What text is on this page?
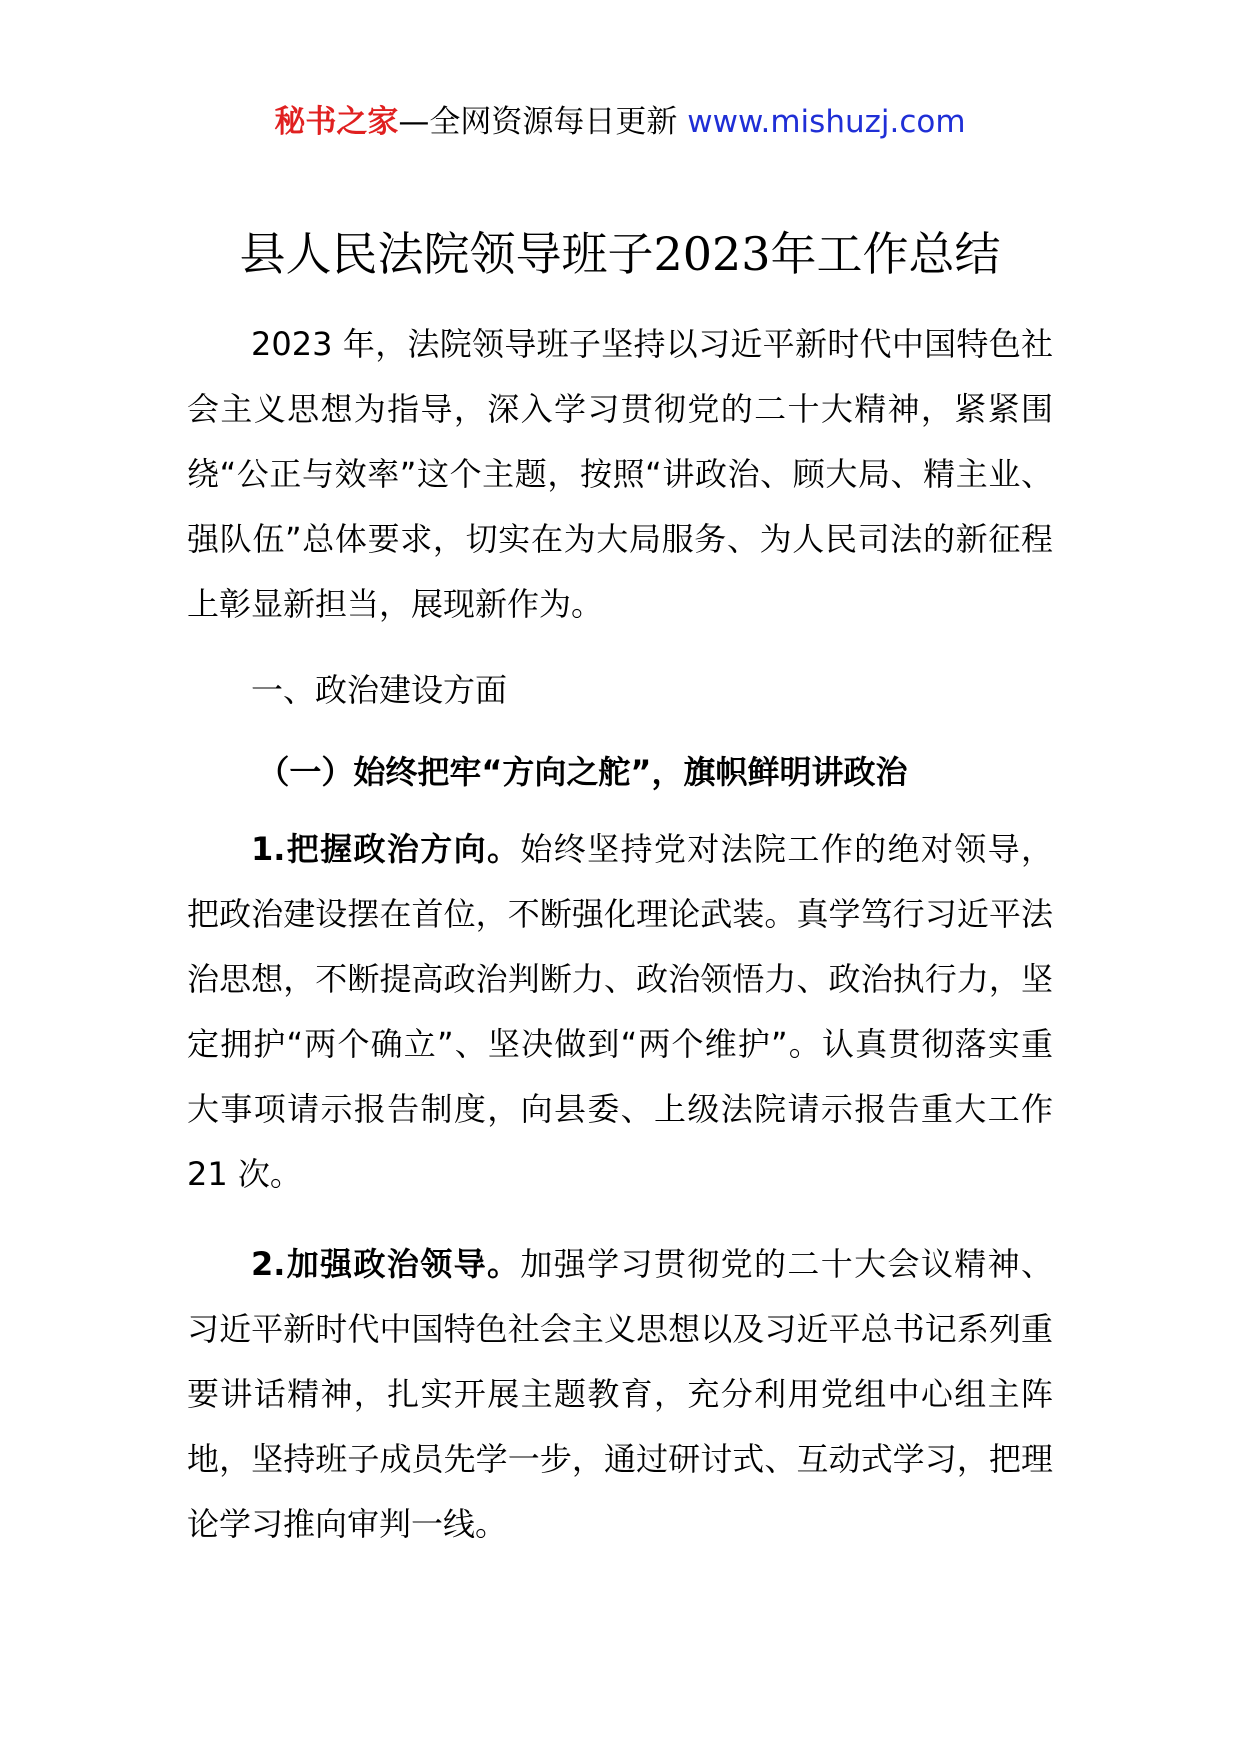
秘书之家—全网资源每日更新 www.mishuzj.com
县人民法院领导班子2023年工作总结

2023 年，法院领导班子坚持以习近平新时代中国特色社会主义思想为指导，深入学习贯彻党的二十大精神，紧紧围绕“公正与效率”这个主题，按照“讲政治、顾大局、精主业、强队伍”总体要求，切实在为大局服务、为人民司法的新征程上彰显新担当，展现新作为。

一、政治建设方面

（一）始终把牢“方向之舵”，旗帜鲜明讲政治

1.把握政治方向。始终坚持党对法院工作的绝对领导，把政治建设摆在首位，不断强化理论武装。真学笃行习近平法治思想，不断提高政治判断力、政治领悟力、政治执行力，坚定拥护“两个确立”、坚决做到“两个维护”。认真贯彻落实重大事项请示报告制度，向县委、上级法院请示报告重大工作 21 次。

2.加强政治领导。加强学习贯彻党的二十大会议精神、习近平新时代中国特色社会主义思想以及习近平总书记系列重要讲话精神，扎实开展主题教育，充分利用党组中心组主阵地，坚持班子成员先学一步，通过研讨式、互动式学习，把理论学习推向审判一线。
